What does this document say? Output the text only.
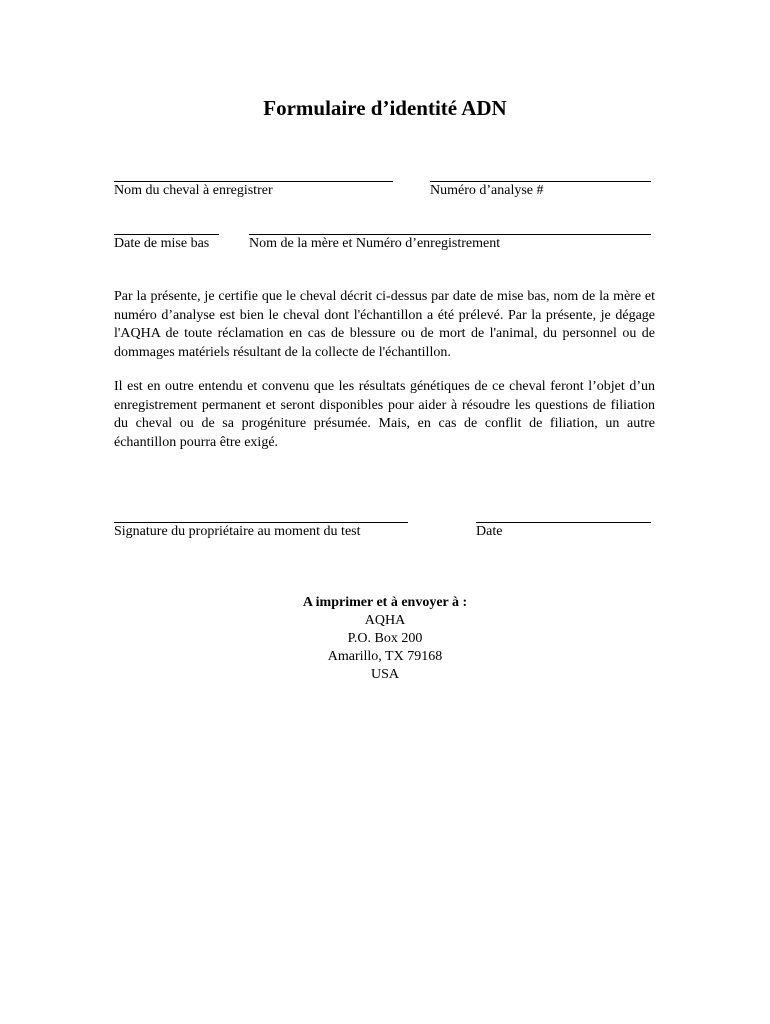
Formulaire d’identité ADN
Nom du cheval à enregistrer	Numéro d’analyse #
Date de mise bas	Nom de la mère et Numéro d’enregistrement
Par la présente, je certifie que le cheval décrit ci-dessus par date de mise bas, nom de la mère et numéro d’analyse est bien le cheval dont l'échantillon a été prélevé. Par la présente, je dégage l'AQHA de toute réclamation en cas de blessure ou de mort de l'animal, du personnel ou de dommages matériels résultant de la collecte de l'échantillon.
Il est en outre entendu et convenu que les résultats génétiques de ce cheval feront l’objet d’un enregistrement permanent et seront disponibles pour aider à résoudre les questions de filiation du cheval ou de sa progéniture présumée. Mais, en cas de conflit de filiation, un autre échantillon pourra être exigé.
Signature du propriétaire au moment du test	Date
A imprimer et à envoyer à :
AQHA
P.O. Box 200
Amarillo, TX 79168
USA
